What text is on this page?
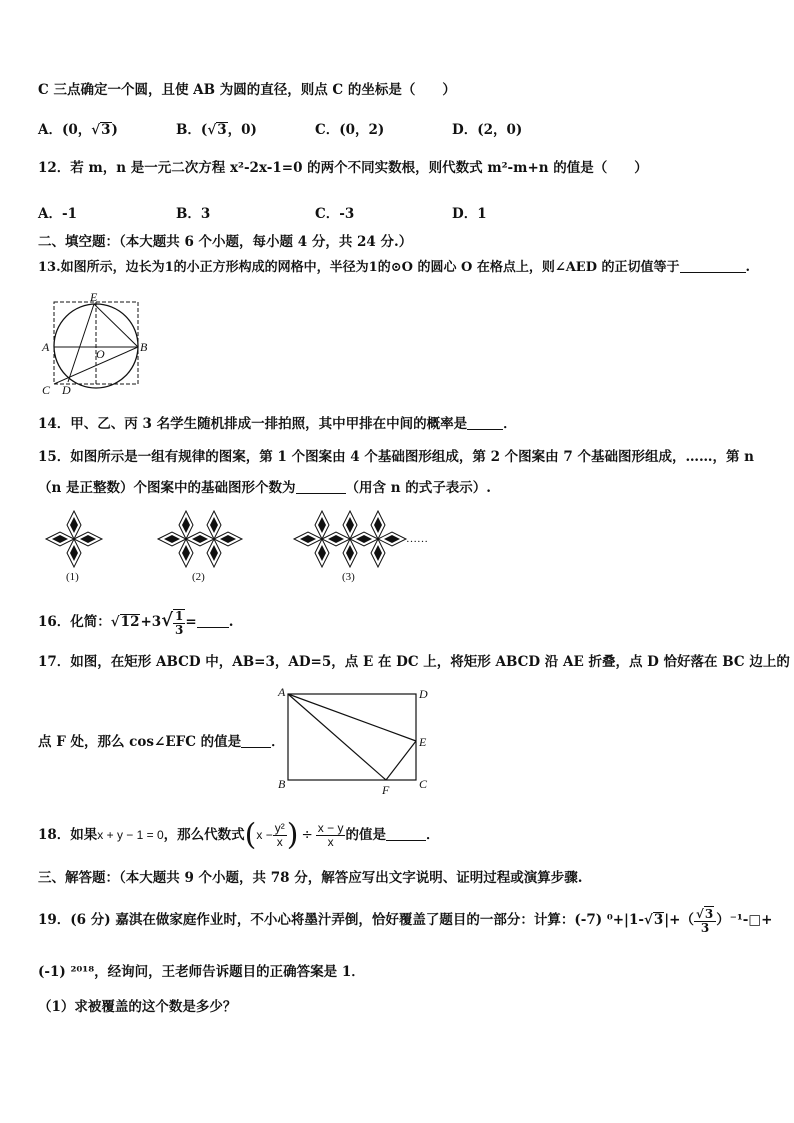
C 三点确定一个圆，且使 AB 为圆的直径，则点 C 的坐标是（　　）
A．(0，√3)	B．(√3，0)	C．(0，2)	D．(2，0)
12．若 m，n 是一元二次方程 x²-2x-1=0 的两个不同实数根，则代数式 m²-m+n 的值是（　　）
A．-1	B．3	C．-3	D．1
二、填空题：（本大题共 6 个小题，每小题 4 分，共 24 分.）
13.如图所示，边长为1的小正方形构成的网格中，半径为1的⊙O 的圆心 O 在格点上，则∠AED 的正切值等于	.
E
A	O	B
C D
14．甲、乙、丙 3 名学生随机排成一排拍照，其中甲排在中间的概率是	．
15．如图所示是一组有规律的图案，第 1 个图案由 4 个基础图形组成，第 2 个图案由 7 个基础图形组成，……，第 n
（n 是正整数）个图案中的基础图形个数为	（用含 n 的式子表示）.
(1)	(2)	(3)
……
16．化简：$√12+3√ \frac{1}{3}$ = .
17．如图，在矩形 ABCD 中，AB=3，AD=5，点 E 在 DC 上，将矩形 ABCD 沿 AE 折叠，点 D 恰好落在 BC 边上的
点 F 处，那么 cos∠EFC 的值是 ．
A	D
E
B	F C
18．如果x + y − 1 = 0，那么代数式($x - \frac{\text{y²}}{x}$ ) ÷ $\frac{x - y}{x}$ 的值是	．
三、解答题：（本大题共 9 个小题，共 78 分，解答应写出文字说明、证明过程或演算步骤.
19．(6 分) 嘉淇在做家庭作业时，不小心将墨汁弄倒，恰好覆盖了题目的一部分：计算：(-7) $^0+|1-√3|+( \frac{√3}{3}$ ）⁻¹-□+
(-1) ²⁰¹⁸，经询问，王老师告诉题目的正确答案是 1．
（1）求被覆盖的这个数是多少？
